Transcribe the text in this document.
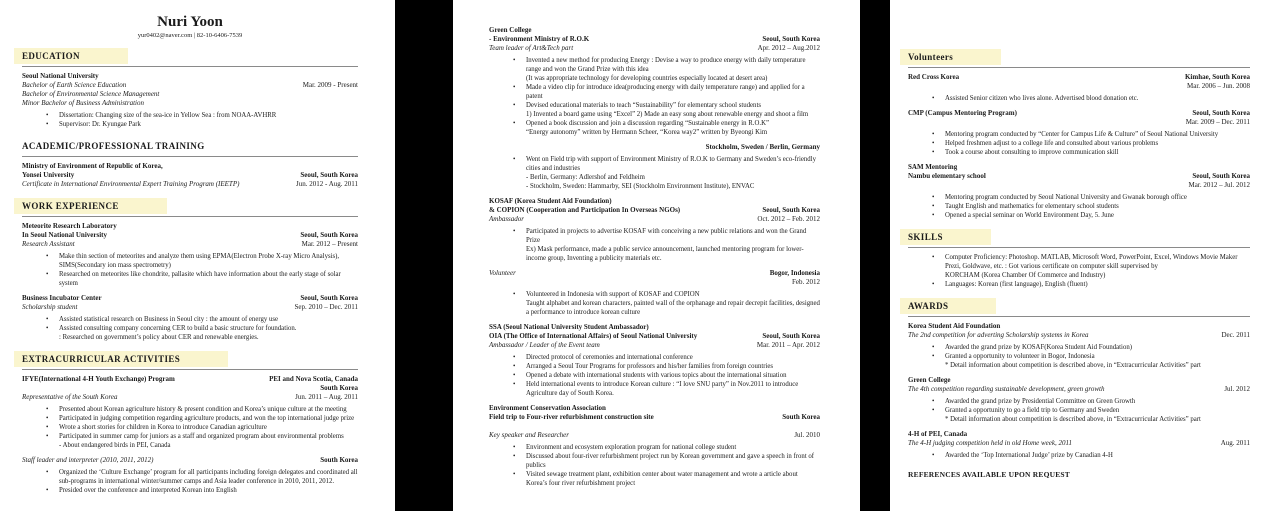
Nuri Yoon
yur0402@naver.com | 82-10-6406-7539
EDUCATION
Seoul National University
Bachelor of Earth Science Education	Mar. 2009 - Present
Bachelor of Environmental Science Management
Minor Bachelor of Business Administration
•	Dissertation: Changing size of the sea-ice in Yellow Sea : from NOAA-AVHRR
•	Supervisor: Dr. Kyungae Park
ACADEMIC/PROFESSIONAL TRAINING
Ministry of Environment of Republic of Korea,
Yonsei University	Seoul, South Korea
Certificate in International Environmental Expert Training Program (IEETP)	Jun. 2012 - Aug. 2011
WORK EXPERIENCE
Meteorite Research Laboratory
In Seoul National University	Seoul, South Korea
Research Assistant	Mar. 2012 – Present
•	Make thin section of meteorites and analyze them using EPMA(Electron Probe X-ray Micro Analysis), SIMS(Secondary ion mass spectrometry)
•	Researched on meteorites like chondrite, pallasite which have information about the early stage of solar system
Business Incubator Center	Seoul, South Korea
Scholarship student	Sep. 2010 – Dec. 2011
•	Assisted statistical research on Business in Seoul city : the amount of energy use
•	Assisted consulting company concerning CER to build a basic structure for foundation.
: Researched on government’s policy about CER and renewable energies.
EXTRACURRICULAR ACTIVITIES
IFYE(International 4-H Youth Exchange) Program	PEI and Nova Scotia, Canada
South Korea
Representative of the South Korea	Jun. 2011 – Aug. 2011
•	Presented about Korean agriculture history & present condition and Korea’s unique culture at the meeting
•	Participated in judging competition regarding agriculture products, and won the top international judge prize
•	Wrote a short stories for children in Korea to introduce Canadian agriculture
•	Participated in summer camp for juniors as a staff and organized program about environmental problems
- About endangered birds in PEI, Canada
Staff leader and interpreter (2010, 2011, 2012)	South Korea
•	Organized the ‘Culture Exchange’ program for all participants including foreign delegates and coordinated all sub-programs in international winter/summer camps and Asia leader conference in 2010, 2011, 2012.
•	Presided over the conference and interpreted Korean into English
Green College
- Environment Ministry of R.O.K	Seoul, South Korea
Team leader of Art&Tech part	Apr. 2012 – Aug.2012
•	Invented a new method for producing Energy : Devise a way to produce energy with daily temperature range and won the Grand Prize with this idea
(It was appropriate technology for developing countries especially located at desert area)
•	Made a video clip for introduce idea(producing energy with daily temperature range) and applied for a patent
•	Devised educational materials to teach “Sustainability” for elementary school students
1) Invented a board game using “Excel” 2) Made an easy song about renewable energy and shoot a film
•	Opened a book discussion and join a discussion regarding “Sustainable energy in R.O.K”
“Energy autonomy” written by Hermann Scheer, “Korea way2” written by Byeongi Kim
Stockholm, Sweden / Berlin, Germany
•	Went on Field trip with support of Environment Ministry of R.O.K to Germany and Sweden’s eco-friendly cities and industries
- Berlin, Germany: Adlershof and Feldheim
- Stockholm, Sweden: Hammarby, SEI (Stockholm Environment Institute), ENVAC
KOSAF (Korea Student Aid Foundation)
& COPION (Cooperation and Participation In Overseas NGOs)	Seoul, South Korea
Ambassador	Oct. 2012 – Feb. 2012
•	Participated in projects to advertise KOSAF with conceiving a new public relations and won the Grand Prize
Ex) Mask performance, made a public service announcement, launched mentoring program for lower-income group, Inventing a publicity materials etc.
Volunteer	Bogor, Indonesia
Feb. 2012
•	Volunteered in Indonesia with support of KOSAF and COPION
Taught alphabet and korean characters, painted wall of the orphanage and repair decrepit facilities, designed a performance to introduce korean culture
SSA (Seoul National University Student Ambassador)
OIA (The Office of International Affairs) of Seoul National University	Seoul, South Korea
Ambassador / Leader of the Event team	Mar. 2011 – Apr. 2012
•	Directed protocol of ceremonies and international conference
•	Arranged a Seoul Tour Programs for professors and his/her families from foreign countries
•	Opened a debate with international students with various topics about the international situation
•	Held international events to introduce Korean culture : “I love SNU party” in Nov.2011 to introduce Agriculture day of South Korea.
Environment Conservation Association
Field trip to Four-river refurbishment construction site	South Korea
Key speaker and Researcher	Jul. 2010
•	Environment and ecosystem exploration program for national college student
•	Discussed about four-river refurbishment project run by Korean government and gave a speech in front of publics
•	Visited sewage treatment plant, exhibition center about water management and wrote a article about Korea’s four river refurbishment project
Volunteers
Red Cross Korea	Kimhae, South Korea
Mar. 2006 – Jun. 2008
•	Assisted Senior citizen who lives alone. Advertised blood donation etc.
CMP (Campus Mentoring Program)	Seoul, South Korea
Mar. 2009 – Dec. 2011
•	Mentoring program conducted by “Center for Campus Life & Culture” of Seoul National University
•	Helped freshmen adjust to a college life and consulted about various problems
•	Took a course about consulting to improve communication skill
SAM Mentoring
Nambu elementary school	Seoul, South Korea
Mar. 2012 – Jul. 2012
•	Mentoring program conducted by Seoul National University and Gwanak borough office
•	Taught English and mathematics for elementary school students
•	Opened a special seminar on World Environment Day, 5. June
SKILLS
•	Computer Proficiency: Photoshop. MATLAB, Microsoft Word, PowerPoint, Excel, Windows Movie Maker
Prezi, Goldwave, etc. : Got various certificate on computer skill supervised by
KORCHAM (Korea Chamber Of Commerce and Industry)
•	Languages: Korean (first language), English (fluent)
AWARDS
Korea Student Aid Foundation
The 2nd competition for adverting Scholarship systems in Korea	Dec. 2011
•	Awarded the grand prize by KOSAF(Korea Student Aid Foundation)
•	Granted a opportunity to volunteer in Bogor, Indonesia
* Detail information about competition is described above, in “Extracurricular Activities” part
Green College
The 4th competition regarding sustainable development, green growth	Jul. 2012
•	Awarded the grand prize by Presidential Committee on Green Growth
•	Granted a opportunity to go a field trip to Germany and Sweden
* Detail information about competition is described above, in “Extracurricular Activities” part
4-H of PEI, Canada
The 4-H judging competition held in old Home week, 2011	Aug. 2011
•	Awarded the ‘Top International Judge’ prize by Canadian 4-H
REFERENCES AVAILABLE UPON REQUEST
